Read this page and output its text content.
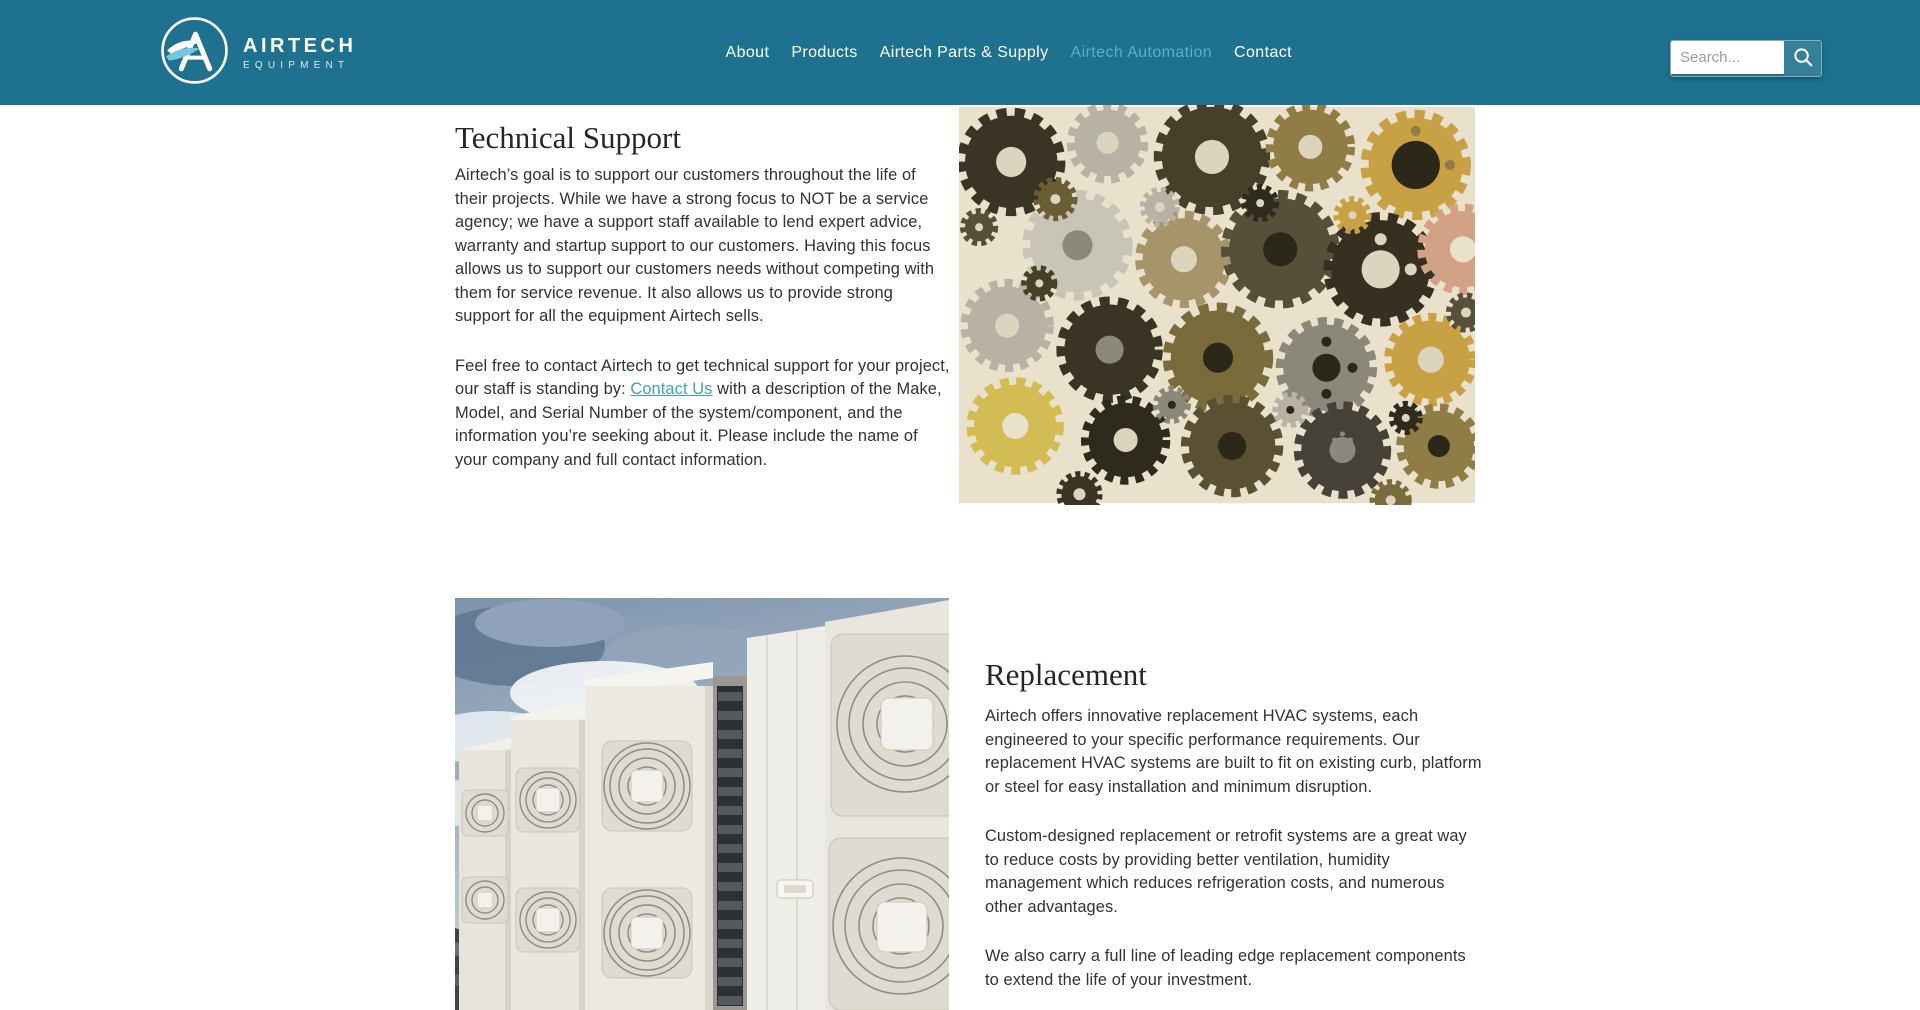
AIRTECH
EQUIPMENT
About Products Airtech Parts & Supply Airtech Automation Contact
Search...
Technical Support

Airtech’s goal is to support our customers throughout the life of their projects. While we have a strong focus to NOT be a service agency; we have a support staff available to lend expert advice, warranty and startup support to our customers. Having this focus allows us to support our customers needs without competing with them for service revenue. It also allows us to provide strong support for all the equipment Airtech sells.

Feel free to contact Airtech to get technical support for your project, our staff is standing by: Contact Us with a description of the Make, Model, and Serial Number of the system/component, and the information you’re seeking about it. Please include the name of your company and full contact information.

Replacement

Airtech offers innovative replacement HVAC systems, each engineered to your specific performance requirements. Our replacement HVAC systems are built to fit on existing curb, platform or steel for easy installation and minimum disruption.

Custom-designed replacement or retrofit systems are a great way to reduce costs by providing better ventilation, humidity management which reduces refrigeration costs, and numerous other advantages.

We also carry a full line of leading edge replacement components to extend the life of your investment.
